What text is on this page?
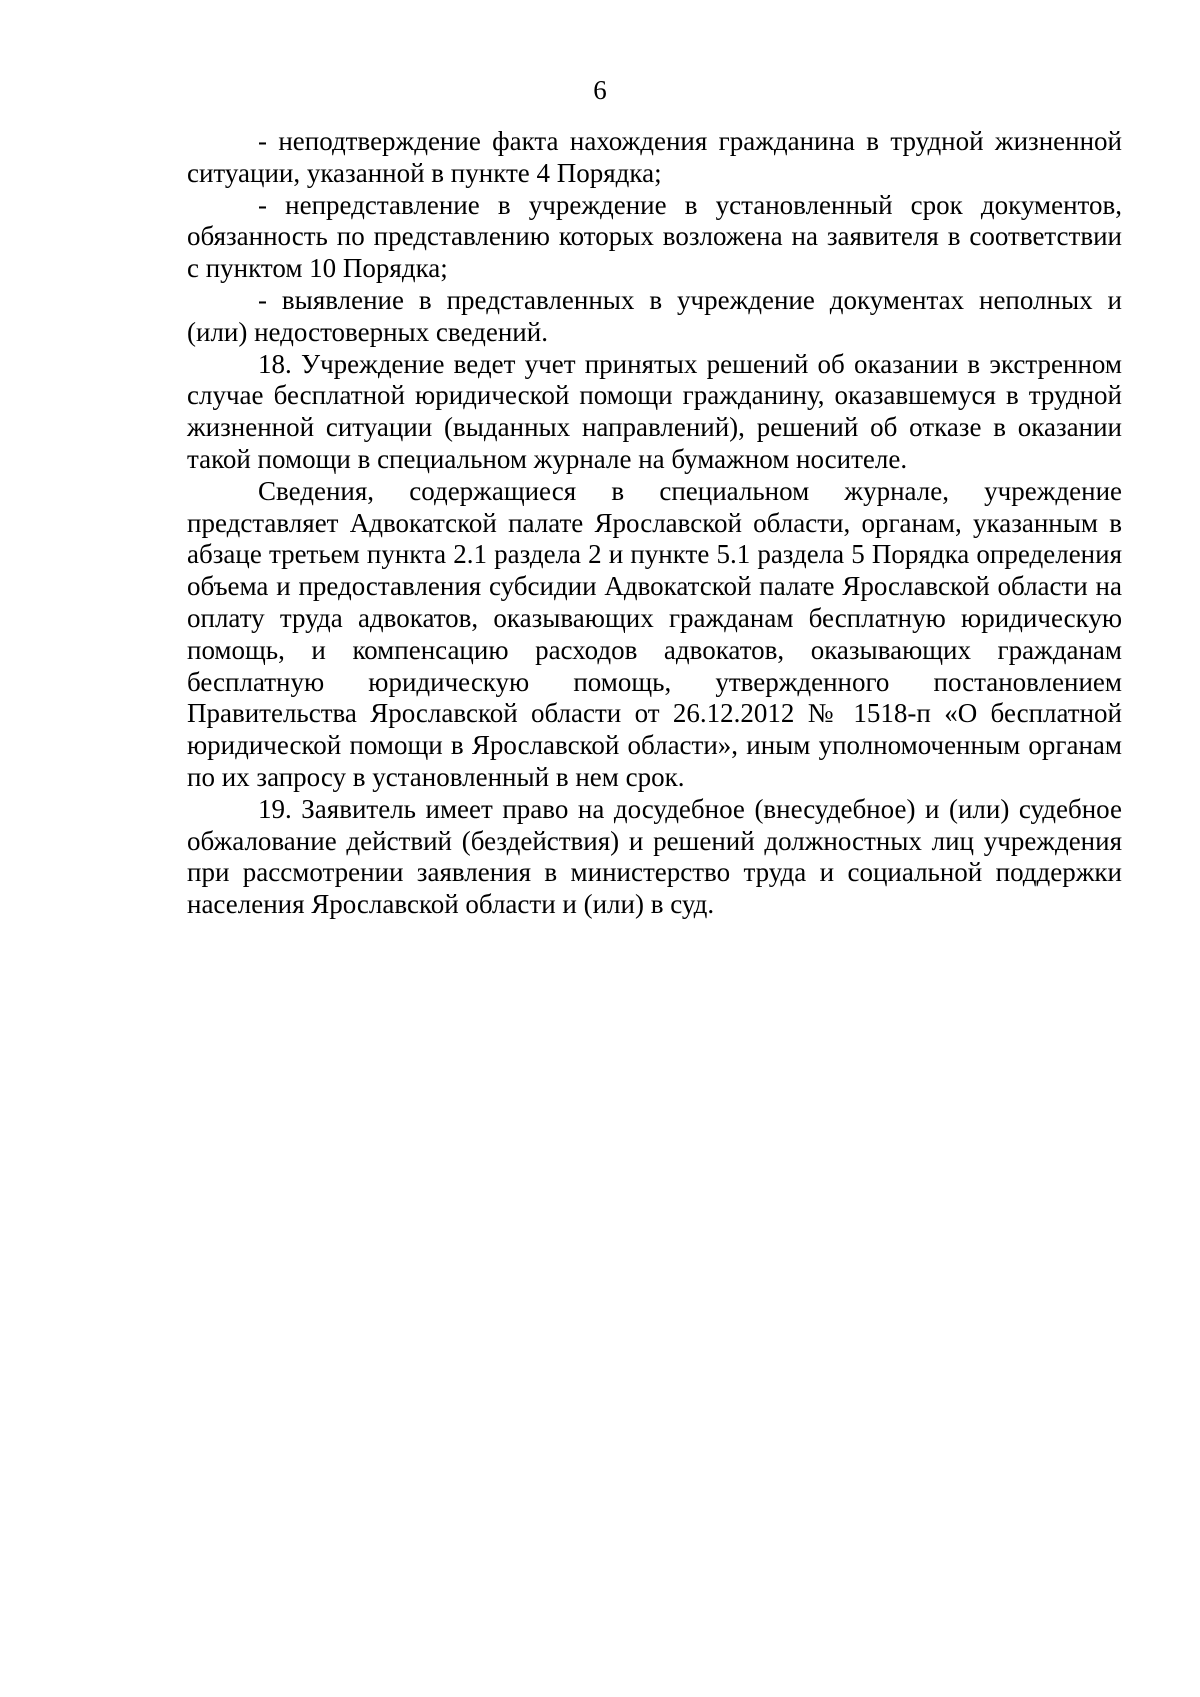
6

- неподтверждение факта нахождения гражданина в трудной жизненной ситуации, указанной в пункте 4 Порядка;

- непредставление в учреждение в установленный срок документов, обязанность по представлению которых возложена на заявителя в соответствии с пунктом 10 Порядка;

- выявление в представленных в учреждение документах неполных и (или) недостоверных сведений.

18. Учреждение ведет учет принятых решений об оказании в экстренном случае бесплатной юридической помощи гражданину, оказавшемуся в трудной жизненной ситуации (выданных направлений), решений об отказе в оказании такой помощи в специальном журнале на бумажном носителе.

Сведения, содержащиеся в специальном журнале, учреждение представляет Адвокатской палате Ярославской области, органам, указанным в абзаце третьем пункта 2.1 раздела 2 и пункте 5.1 раздела 5 Порядка определения объема и предоставления субсидии Адвокатской палате Ярославской области на оплату труда адвокатов, оказывающих гражданам бесплатную юридическую помощь, и компенсацию расходов адвокатов, оказывающих гражданам бесплатную юридическую помощь, утвержденного постановлением Правительства Ярославской области от 26.12.2012 № 1518-п «О бесплатной юридической помощи в Ярославской области», иным уполномоченным органам по их запросу в установленный в нем срок.

19. Заявитель имеет право на досудебное (внесудебное) и (или) судебное обжалование действий (бездействия) и решений должностных лиц учреждения при рассмотрении заявления в министерство труда и социальной поддержки населения Ярославской области и (или) в суд.
